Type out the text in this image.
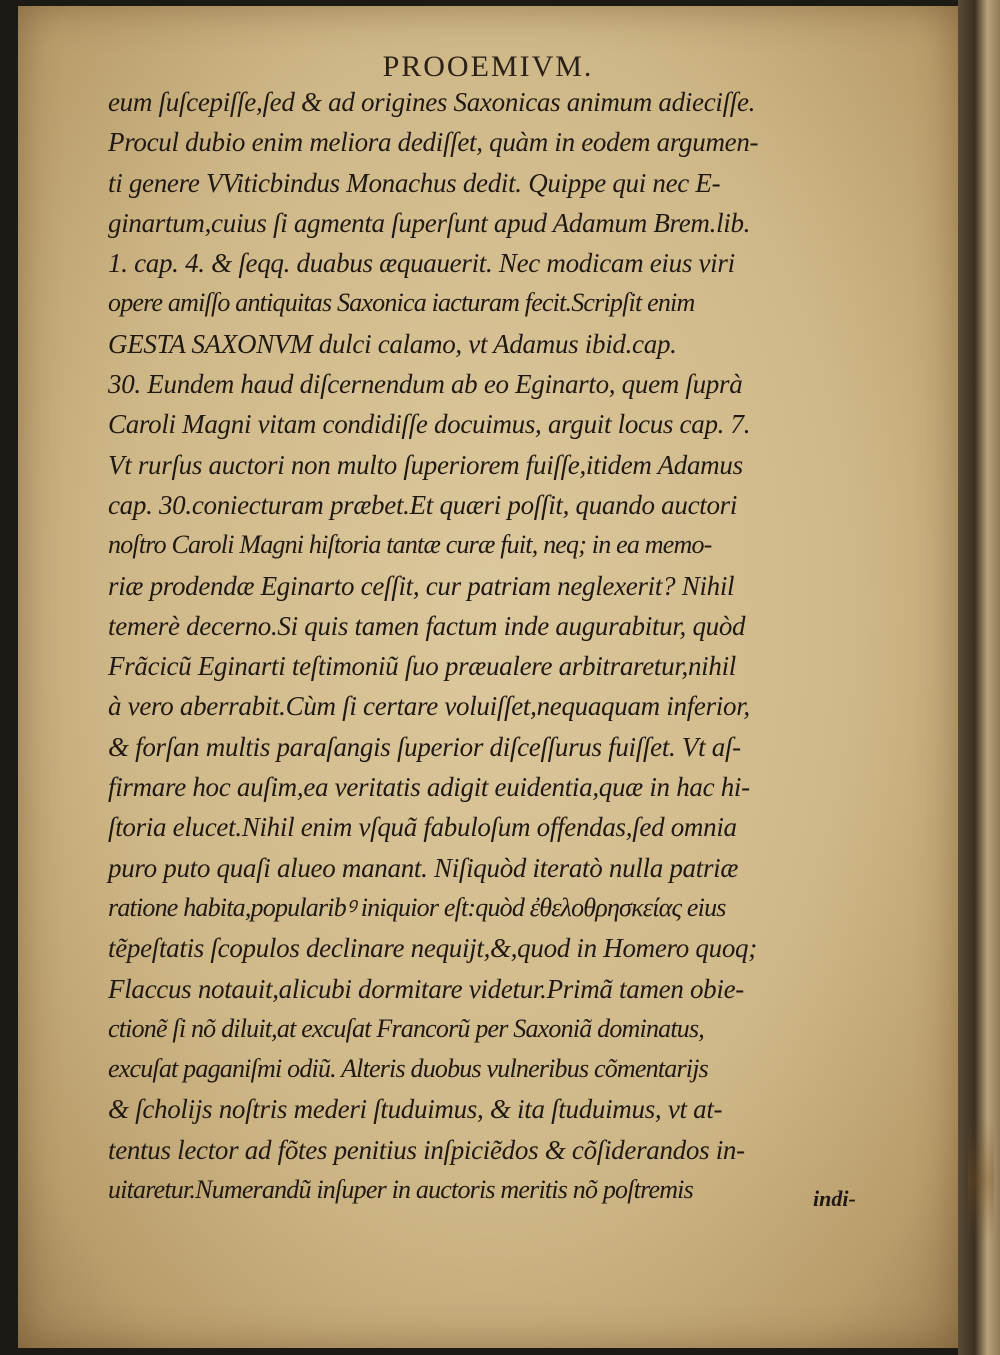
PROOEMIVM.
eum ſuſcepiſſe,ſed & ad origines Saxonicas animum adieciſſe.
Procul dubio enim meliora dediſſet, quàm in eodem argumen-
ti genere VViticbindus Monachus dedit. Quippe qui nec E-
ginartum,cuius ſi agmenta ſuperſunt apud Adamum Brem.lib.
1. cap. 4. & ſeqq. duabus æquauerit. Nec modicam eius viri
opere amiſſo antiquitas Saxonica iacturam fecit.Scripſit enim
GESTA SAXONVM dulci calamo, vt Adamus ibid.cap.
30. Eundem haud diſcernendum ab eo Eginarto, quem ſuprà
Caroli Magni vitam condidiſſe docuimus, arguit locus cap. 7.
Vt rurſus auctori non multo ſuperiorem fuiſſe,itidem Adamus
cap. 30.coniecturam præbet.Et quæri poſſit, quando auctori
noſtro Caroli Magni hiſtoria tantæ curæ fuit, neq; in ea memo-
riæ prodendæ Eginarto ceſſit, cur patriam neglexerit? Nihil
temerè decerno.Si quis tamen factum inde augurabitur, quòd
Frãcicũ Eginarti teſtimoniũ ſuo præualere arbitraretur,nihil
à vero aberrabit.Cùm ſi certare voluiſſet,nequaquam inferior,
& forſan multis paraſangis ſuperior diſceſſurus fuiſſet. Vt aſ-
firmare hoc auſim,ea veritatis adigit euidentia,quæ in hac hi-
ſtoria elucet.Nihil enim vſquã fabuloſum offendas,ſed omnia
puro puto quaſi alueo manant. Niſiquòd iteratò nulla patriæ
ratione habita,popularibꝰ iniquior eſt:quòd ἐθελοθρησκείας eius
tẽpeſtatis ſcopulos declinare nequijt,&,quod in Homero quoq;
Flaccus notauit,alicubi dormitare videtur.Primã tamen obie-
ctionẽ ſi nõ diluit,at excuſat Francorũ per Saxoniã dominatus,
excuſat paganiſmi odiũ. Alteris duobus vulneribus cõmentarijs
& ſcholijs noſtris mederi ſtuduimus, & ita ſtuduimus, vt at-
tentus lector ad fõtes penitius inſpiciẽdos & cõſiderandos in-
uitaretur.Numerandũ inſuper in auctoris meritis nõ poſtremis	indi-
